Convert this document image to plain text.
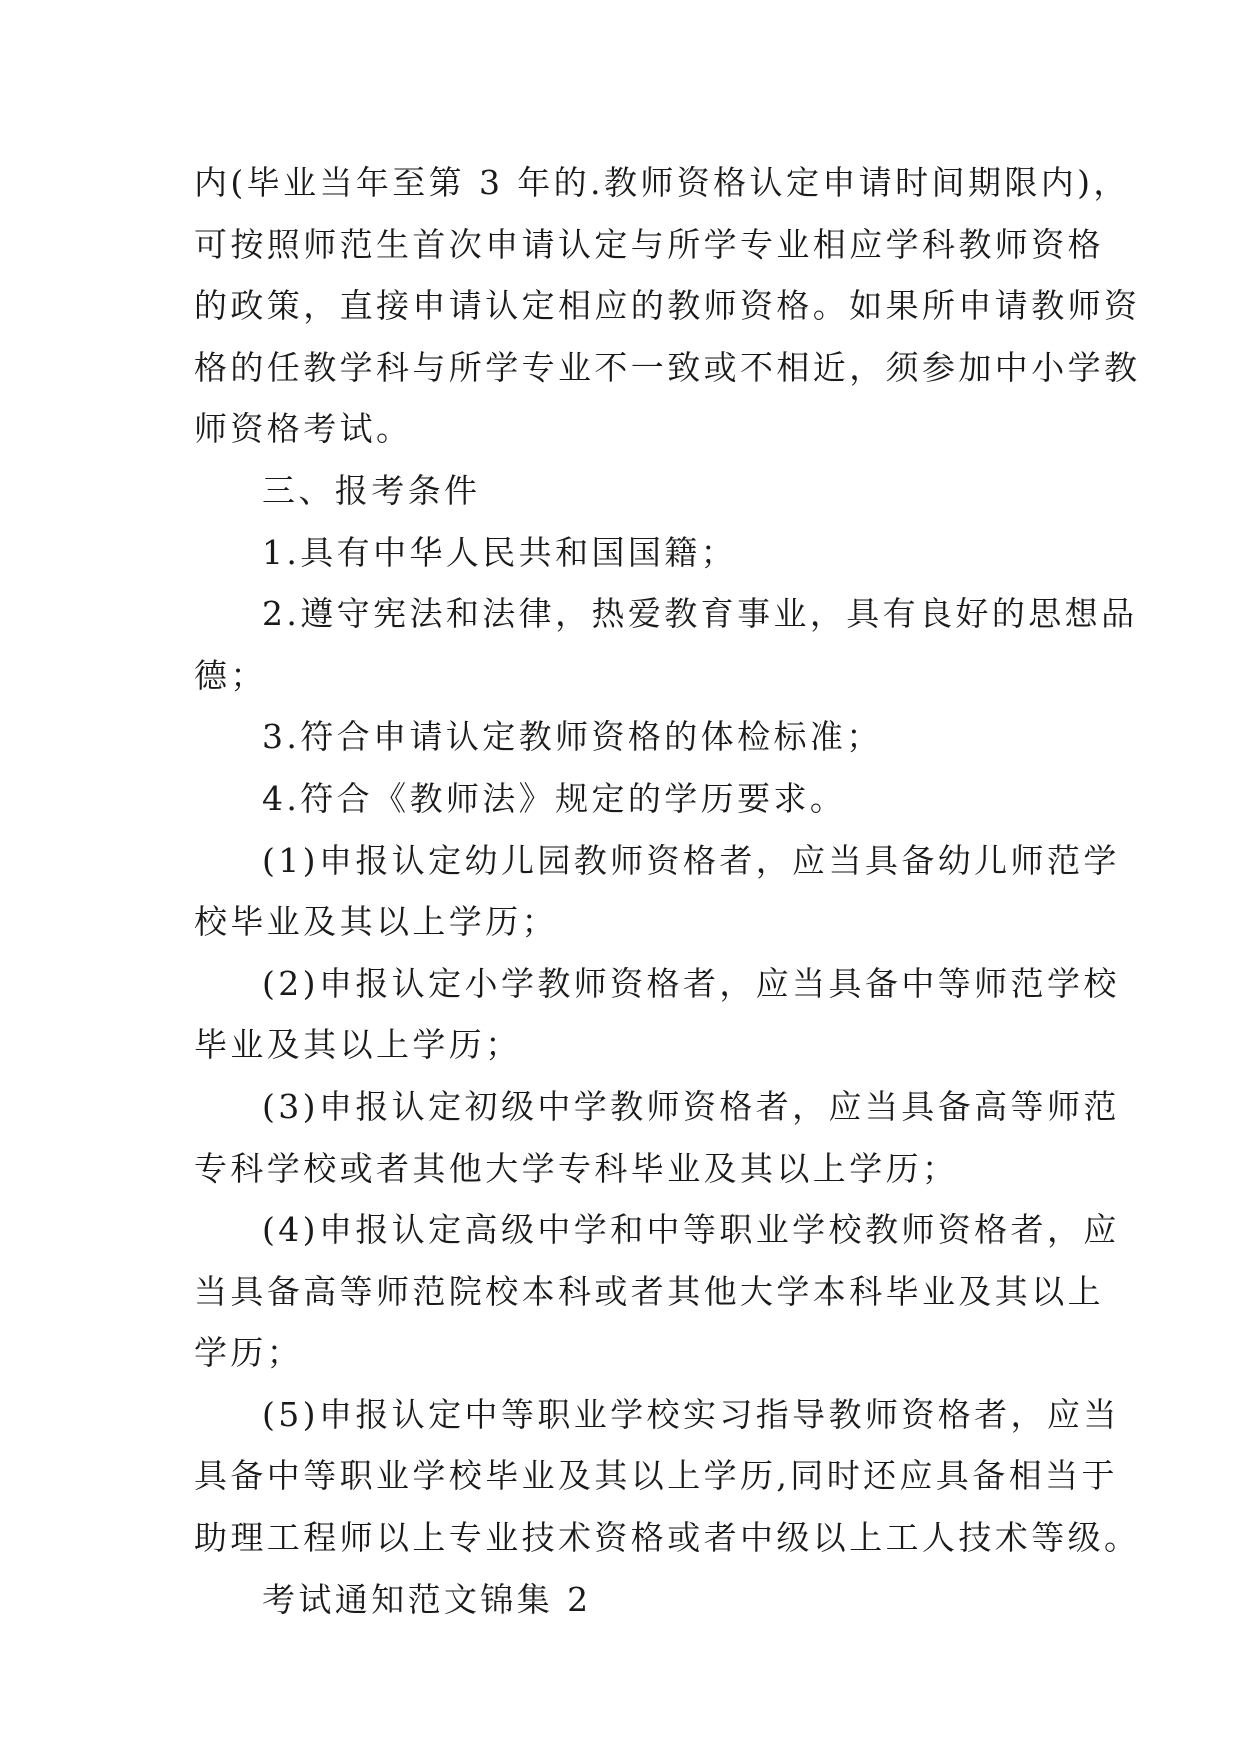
内(毕业当年至第 3 年的.教师资格认定申请时间期限内)，
可按照师范生首次申请认定与所学专业相应学科教师资格
的政策，直接申请认定相应的教师资格。如果所申请教师资
格的任教学科与所学专业不一致或不相近，须参加中小学教
师资格考试。
三、报考条件
1.具有中华人民共和国国籍；
2.遵守宪法和法律，热爱教育事业，具有良好的思想品
德；
3.符合申请认定教师资格的体检标准；
4.符合《教师法》规定的学历要求。
(1)申报认定幼儿园教师资格者，应当具备幼儿师范学
校毕业及其以上学历；
(2)申报认定小学教师资格者，应当具备中等师范学校
毕业及其以上学历；
(3)申报认定初级中学教师资格者，应当具备高等师范
专科学校或者其他大学专科毕业及其以上学历；
(4)申报认定高级中学和中等职业学校教师资格者，应
当具备高等师范院校本科或者其他大学本科毕业及其以上
学历；
(5)申报认定中等职业学校实习指导教师资格者，应当
具备中等职业学校毕业及其以上学历,同时还应具备相当于
助理工程师以上专业技术资格或者中级以上工人技术等级。
考试通知范文锦集 2
